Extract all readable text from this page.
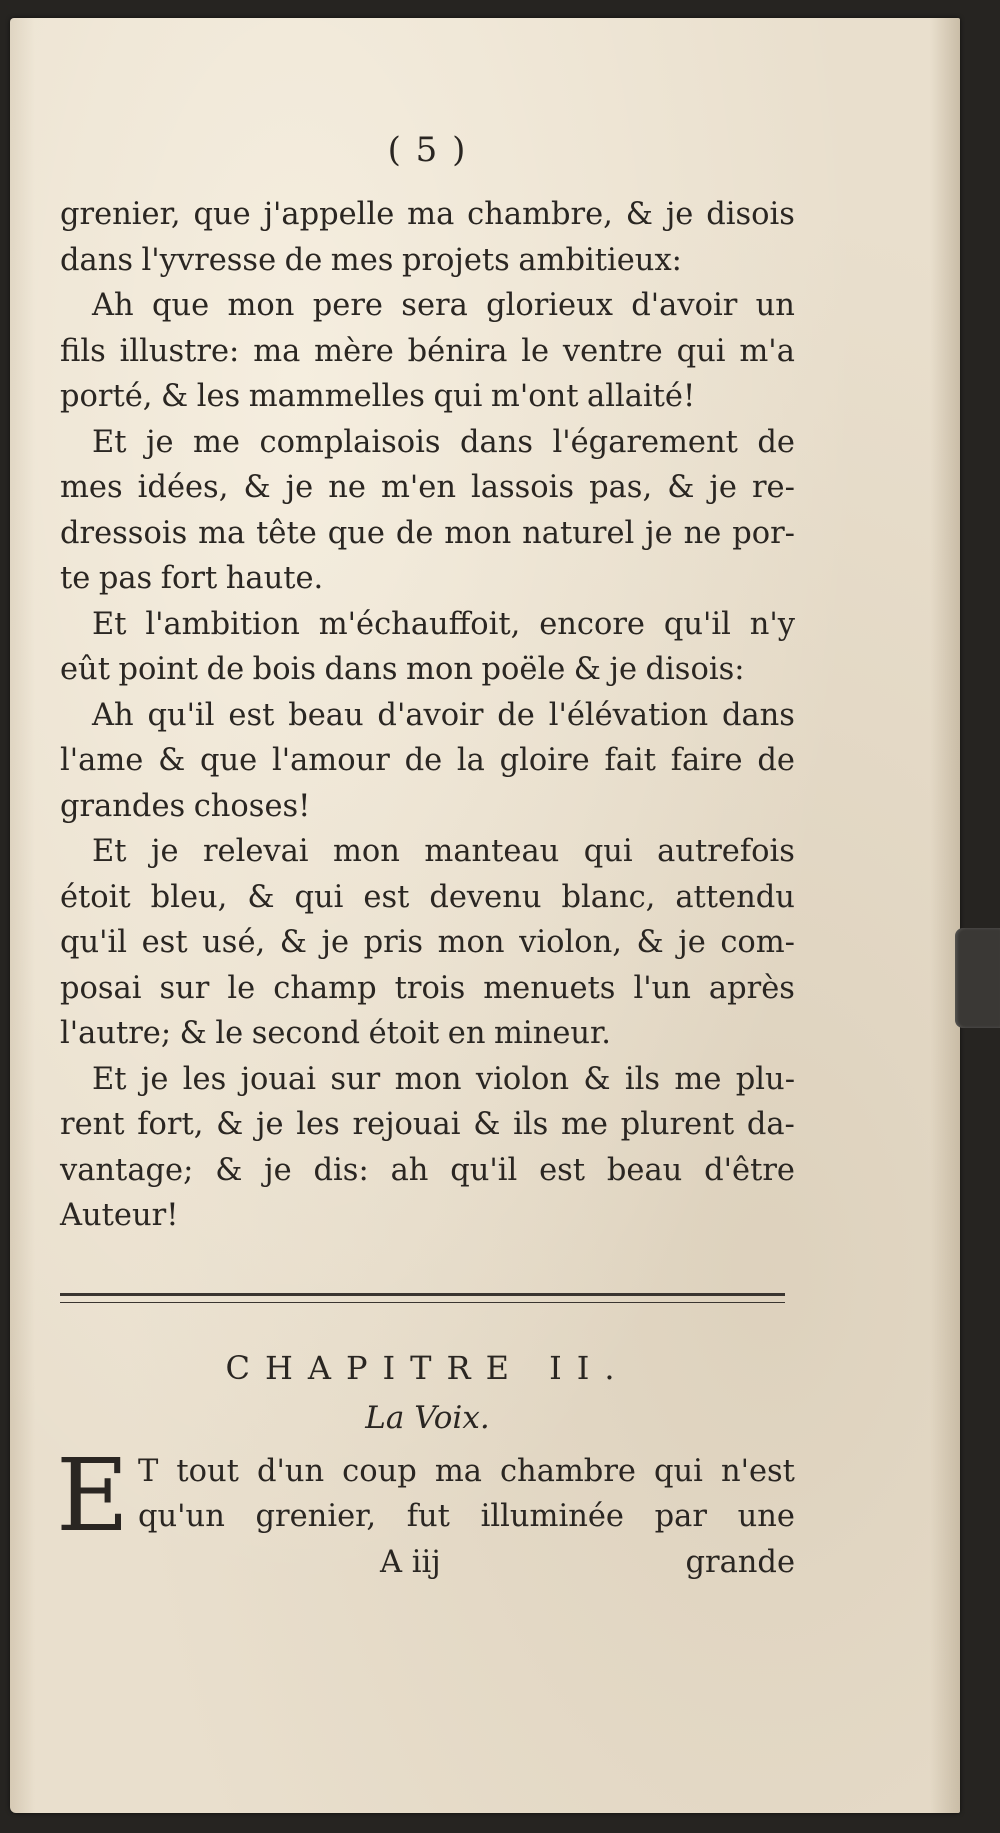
( 5 )
grenier, que j'appelle ma chambre, & je disois
dans l'yvresse de mes projets ambitieux:
Ah que mon pere sera glorieux d'avoir un
fils illustre: ma mère bénira le ventre qui m'a
porté, & les mammelles qui m'ont allaité!
Et je me complaisois dans l'égarement de
mes idées, & je ne m'en lassois pas, & je re-
dressois ma tête que de mon naturel je ne por-
te pas fort haute.
Et l'ambition m'échauffoit, encore qu'il n'y
eût point de bois dans mon poële & je disois:
Ah qu'il est beau d'avoir de l'élévation dans
l'ame & que l'amour de la gloire fait faire de
grandes choses!
Et je relevai mon manteau qui autrefois
étoit bleu, & qui est devenu blanc, attendu
qu'il est usé, & je pris mon violon, & je com-
posai sur le champ trois menuets l'un après
l'autre; & le second étoit en mineur.
Et je les jouai sur mon violon & ils me plu-
rent fort, & je les rejouai & ils me plurent da-
vantage; & je dis: ah qu'il est beau d'être
Auteur!
CHAPITRE II.
La Voix.
E T tout d'un coup ma chambre qui n'est
qu'un grenier, fut illuminée par une
A iij	grande
